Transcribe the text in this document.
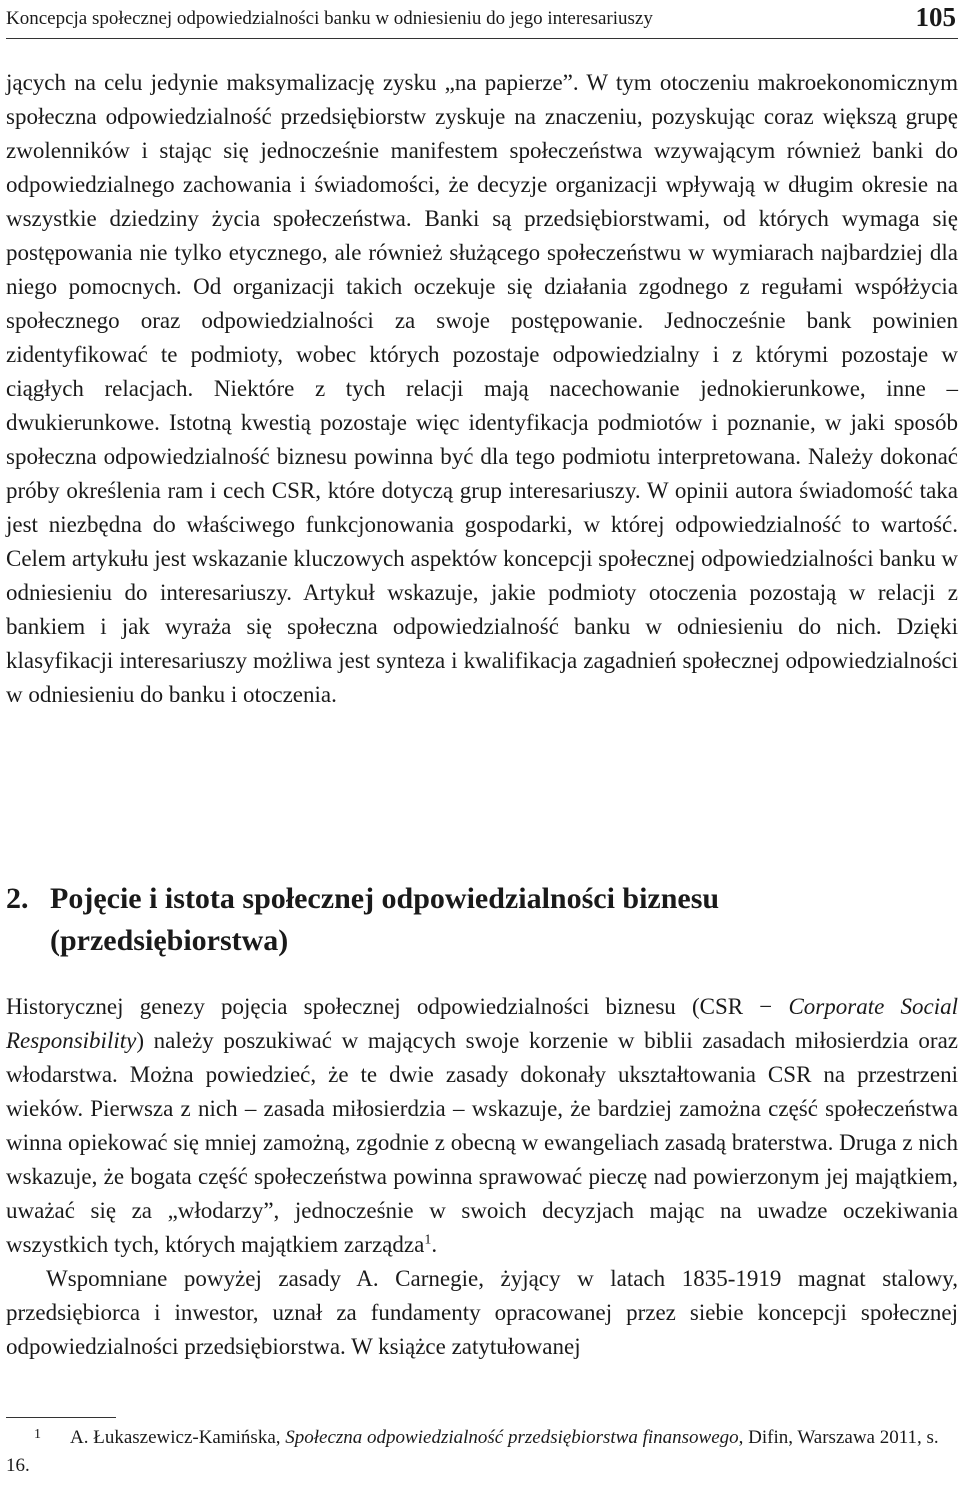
Koncepcja społecznej odpowiedzialności banku w odniesieniu do jego interesariuszy	105

jących na celu jedynie maksymalizację zysku „na papierze”. W tym otoczeniu makroekonomicznym społeczna odpowiedzialność przedsiębiorstw zyskuje na znaczeniu, pozyskując coraz większą grupę zwolenników i stając się jednocześnie manifestem społeczeństwa wzywającym również banki do odpowiedzialnego zachowania i świadomości, że decyzje organizacji wpływają w długim okresie na wszystkie dziedziny życia społeczeństwa. Banki są przedsiębiorstwami, od których wymaga się postępowania nie tylko etycznego, ale również służącego społeczeństwu w wymiarach najbardziej dla niego pomocnych. Od organizacji takich oczekuje się działania zgodnego z regułami współżycia społecznego oraz odpowiedzialności za swoje postępowanie. Jednocześnie bank powinien zidentyfikować te podmioty, wobec których pozostaje odpowiedzialny i z którymi pozostaje w ciągłych relacjach. Niektóre z tych relacji mają nacechowanie jednokierunkowe, inne – dwukierunkowe. Istotną kwestią pozostaje więc identyfikacja podmiotów i poznanie, w jaki sposób społeczna odpowiedzialność biznesu powinna być dla tego podmiotu interpretowana. Należy dokonać próby określenia ram i cech CSR, które dotyczą grup interesariuszy. W opinii autora świadomość taka jest niezbędna do właściwego funkcjonowania gospodarki, w której odpowiedzialność to wartość. Celem artykułu jest wskazanie kluczowych aspektów koncepcji społecznej odpowiedzialności banku w odniesieniu do interesariuszy. Artykuł wskazuje, jakie podmioty otoczenia pozostają w relacji z bankiem i jak wyraża się społeczna odpowiedzialność banku w odniesieniu do nich. Dzięki klasyfikacji interesariuszy możliwa jest synteza i kwalifikacja zagadnień społecznej odpowiedzialności w odniesieniu do banku i otoczenia.

2. Pojęcie i istota społecznej odpowiedzialności biznesu (przedsiębiorstwa)

Historycznej genezy pojęcia społecznej odpowiedzialności biznesu (CSR − Corporate Social Responsibility) należy poszukiwać w mających swoje korzenie w biblii zasadach miłosierdzia oraz włodarstwa. Można powiedzieć, że te dwie zasady dokonały ukształtowania CSR na przestrzeni wieków. Pierwsza z nich – zasada miłosierdzia – wskazuje, że bardziej zamożna część społeczeństwa winna opiekować się mniej zamożną, zgodnie z obecną w ewangeliach zasadą braterstwa. Druga z nich wskazuje, że bogata część społeczeństwa powinna sprawować pieczę nad powierzonym jej majątkiem, uważać się za „włodarzy”, jednocześnie w swoich decyzjach mając na uwadze oczekiwania wszystkich tych, których majątkiem zarządza$^1$.

Wspomniane powyżej zasady A. Carnegie, żyjący w latach 1835-1919 magnat stalowy, przedsiębiorca i inwestor, uznał za fundamenty opracowanej przez siebie koncepcji społecznej odpowiedzialności przedsiębiorstwa. W książce zatytułowanej

1 A. Łukaszewicz-Kamińska, Społeczna odpowiedzialność przedsiębiorstwa finansowego, Difin, Warszawa 2011, s. 16.
